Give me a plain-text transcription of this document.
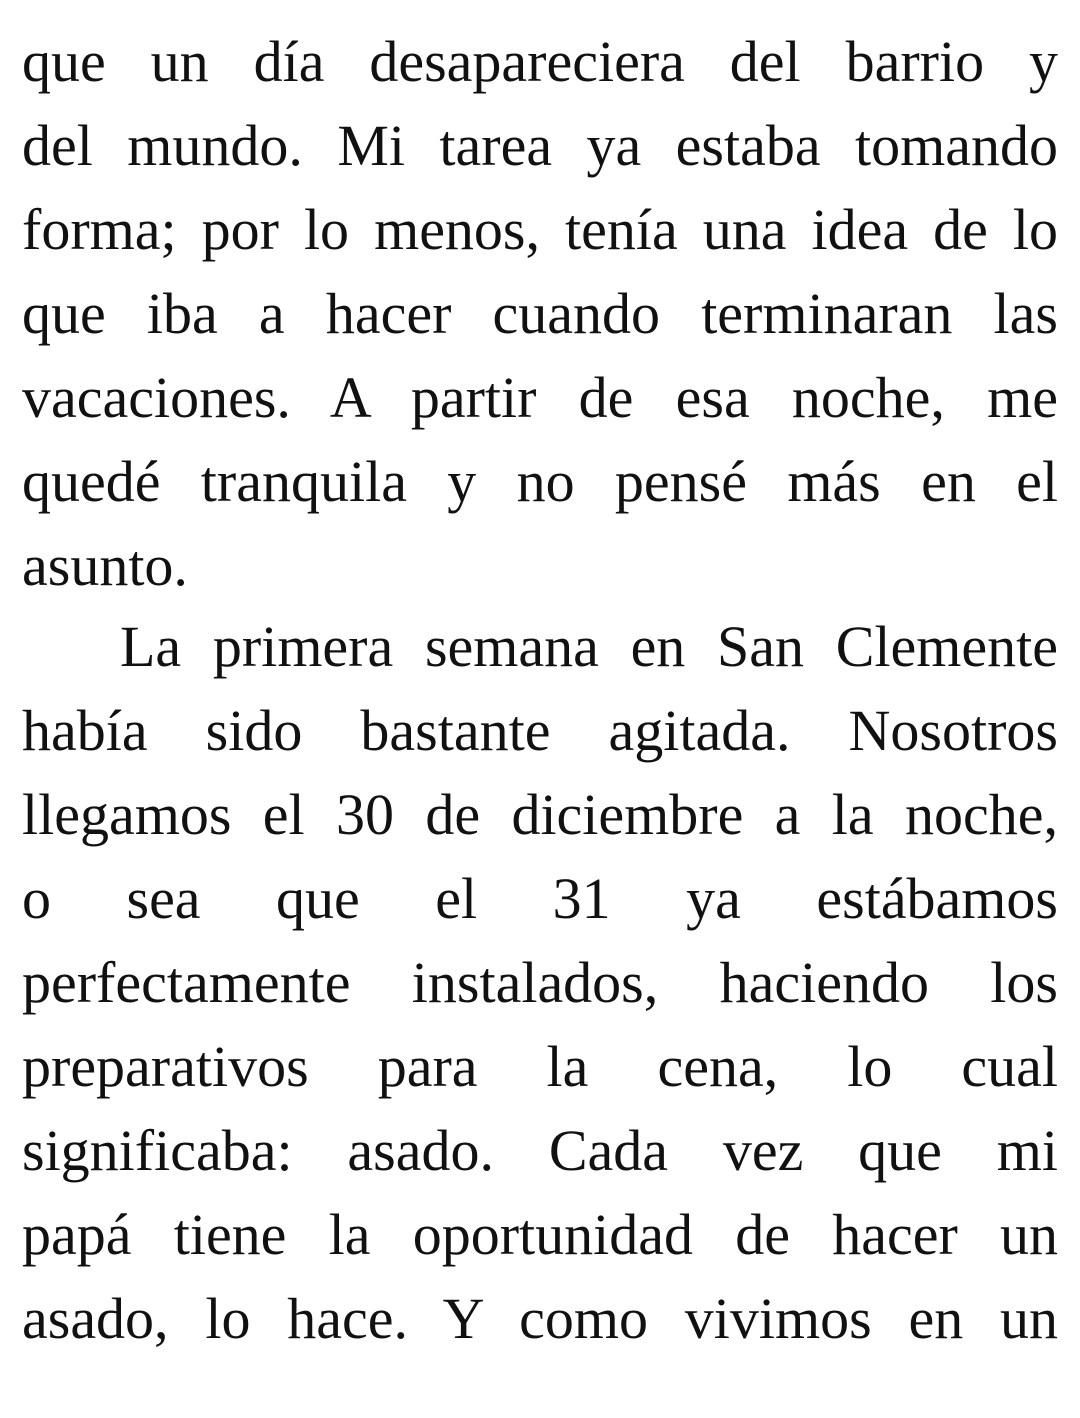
que un día desapareciera del barrio y
del mundo. Mi tarea ya estaba tomando
forma; por lo menos, tenía una idea de lo
que iba a hacer cuando terminaran las
vacaciones. A partir de esa noche, me
quedé tranquila y no pensé más en el
asunto.
La primera semana en San Clemente
había sido bastante agitada. Nosotros
llegamos el 30 de diciembre a la noche,
o sea que el 31 ya estábamos
perfectamente instalados, haciendo los
preparativos para la cena, lo cual
significaba: asado. Cada vez que mi
papá tiene la oportunidad de hacer un
asado, lo hace. Y como vivimos en un
